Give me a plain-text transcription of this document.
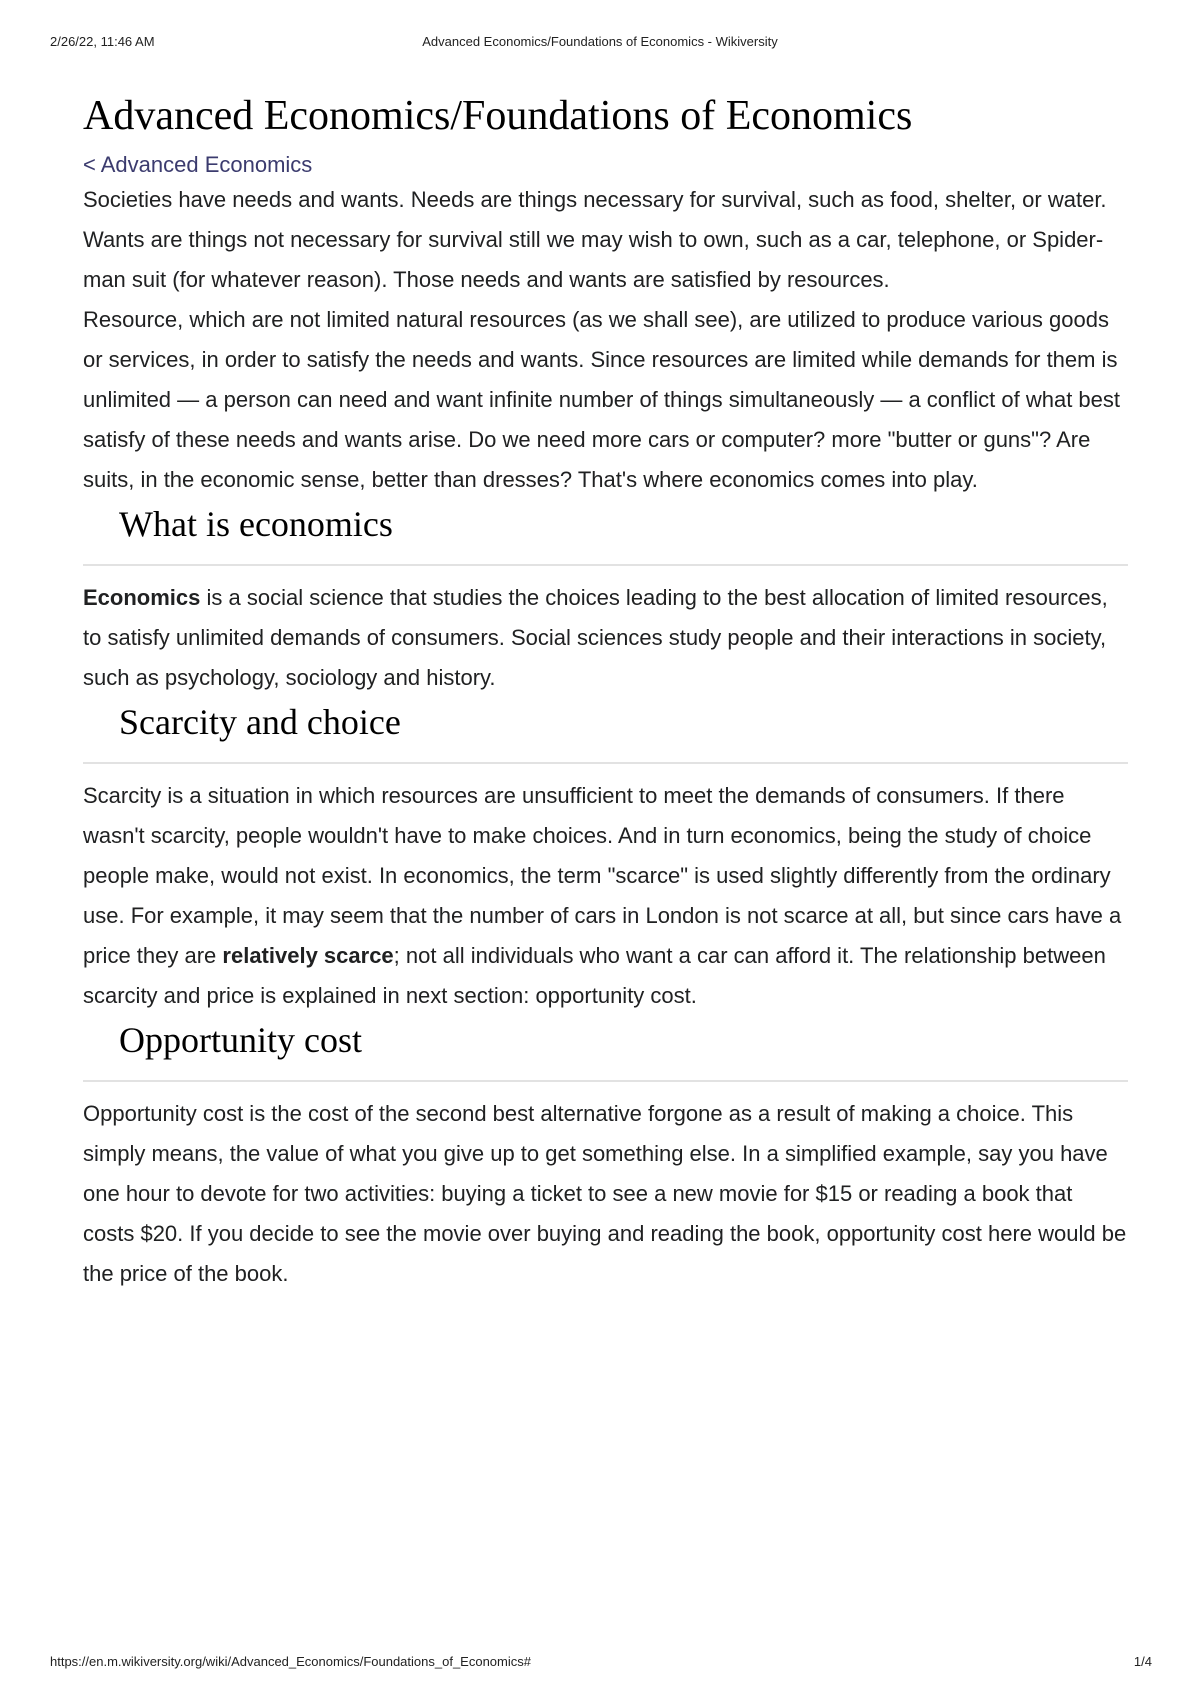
2/26/22, 11:46 AM	Advanced Economics/Foundations of Economics - Wikiversity
Advanced Economics/Foundations of Economics
< Advanced Economics

Societies have needs and wants. Needs are things necessary for survival, such as food, shelter, or water. Wants are things not necessary for survival still we may wish to own, such as a car, telephone, or Spider-man suit (for whatever reason). Those needs and wants are satisfied by resources.

Resource, which are not limited natural resources (as we shall see), are utilized to produce various goods or services, in order to satisfy the needs and wants. Since resources are limited while demands for them is unlimited — a person can need and want infinite number of things simultaneously — a conflict of what best satisfy of these needs and wants arise. Do we need more cars or computer? more "butter or guns"? Are suits, in the economic sense, better than dresses? That's where economics comes into play.

What is economics

Economics is a social science that studies the choices leading to the best allocation of limited resources, to satisfy unlimited demands of consumers. Social sciences study people and their interactions in society, such as psychology, sociology and history.

Scarcity and choice

Scarcity is a situation in which resources are unsufficient to meet the demands of consumers. If there wasn't scarcity, people wouldn't have to make choices. And in turn economics, being the study of choice people make, would not exist. In economics, the term "scarce" is used slightly differently from the ordinary use. For example, it may seem that the number of cars in London is not scarce at all, but since cars have a price they are relatively scarce; not all individuals who want a car can afford it. The relationship between scarcity and price is explained in next section: opportunity cost.

Opportunity cost

Opportunity cost is the cost of the second best alternative forgone as a result of making a choice. This simply means, the value of what you give up to get something else. In a simplified example, say you have one hour to devote for two activities: buying a ticket to see a new movie for $15 or reading a book that costs $20. If you decide to see the movie over buying and reading the book, opportunity cost here would be the price of the book.

https://en.m.wikiversity.org/wiki/Advanced_Economics/Foundations_of_Economics#	1/4
